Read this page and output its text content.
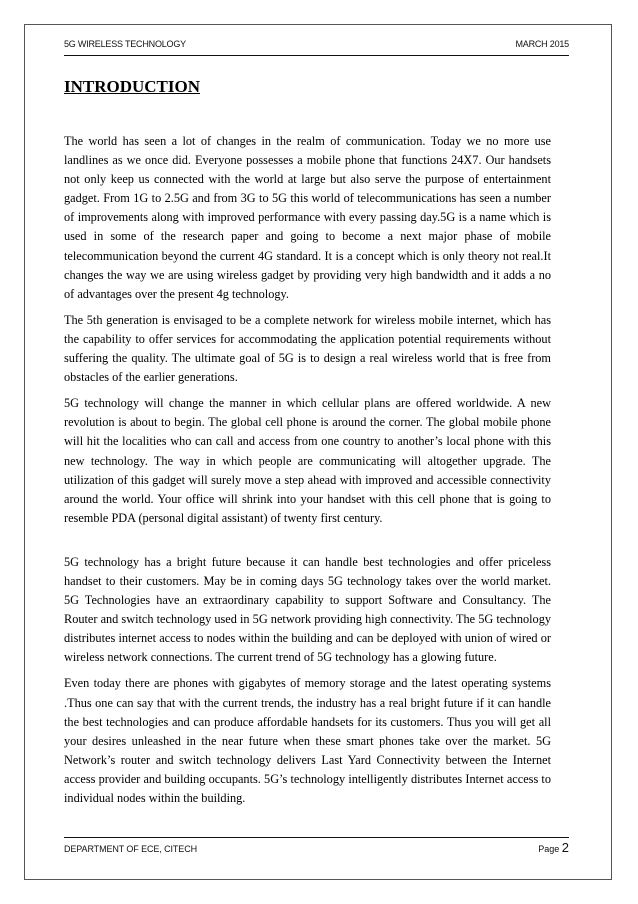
5G WIRELESS TECHNOLOGY	MARCH 2015
INTRODUCTION

The world has seen a lot of changes in the realm of communication. Today we no more use landlines as we once did. Everyone possesses a mobile phone that functions 24X7. Our handsets not only keep us connected with the world at large but also serve the purpose of entertainment gadget. From 1G to 2.5G and from 3G to 5G this world of telecommunications has seen a number of improvements along with improved performance with every passing day.5G is a name which is used in some of the research paper and going to become a next major phase of mobile telecommunication beyond the current 4G standard. It is a concept which is only theory not real.It changes the way we are using wireless gadget by providing very high bandwidth and it adds a no of advantages over the present 4g technology.

The 5th generation is envisaged to be a complete network for wireless mobile internet, which has the capability to offer services for accommodating the application potential requirements without suffering the quality. The ultimate goal of 5G is to design a real wireless world that is free from obstacles of the earlier generations.

5G technology will change the manner in which cellular plans are offered worldwide. A new revolution is about to begin. The global cell phone is around the corner. The global mobile phone will hit the localities who can call and access from one country to another’s local phone with this new technology. The way in which people are communicating will altogether upgrade. The utilization of this gadget will surely move a step ahead with improved and accessible connectivity around the world. Your office will shrink into your handset with this cell phone that is going to resemble PDA (personal digital assistant) of twenty first century.

5G technology has a bright future because it can handle best technologies and offer priceless handset to their customers. May be in coming days 5G technology takes over the world market. 5G Technologies have an extraordinary capability to support Software and Consultancy. The Router and switch technology used in 5G network providing high connectivity. The 5G technology distributes internet access to nodes within the building and can be deployed with union of wired or wireless network connections. The current trend of 5G technology has a glowing future.

Even today there are phones with gigabytes of memory storage and the latest operating systems .Thus one can say that with the current trends, the industry has a real bright future if it can handle the best technologies and can produce affordable handsets for its customers. Thus you will get all your desires unleashed in the near future when these smart phones take over the market. 5G Network’s router and switch technology delivers Last Yard Connectivity between the Internet access provider and building occupants. 5G’s technology intelligently distributes Internet access to individual nodes within the building.

DEPARTMENT OF ECE, CITECH	Page 2
